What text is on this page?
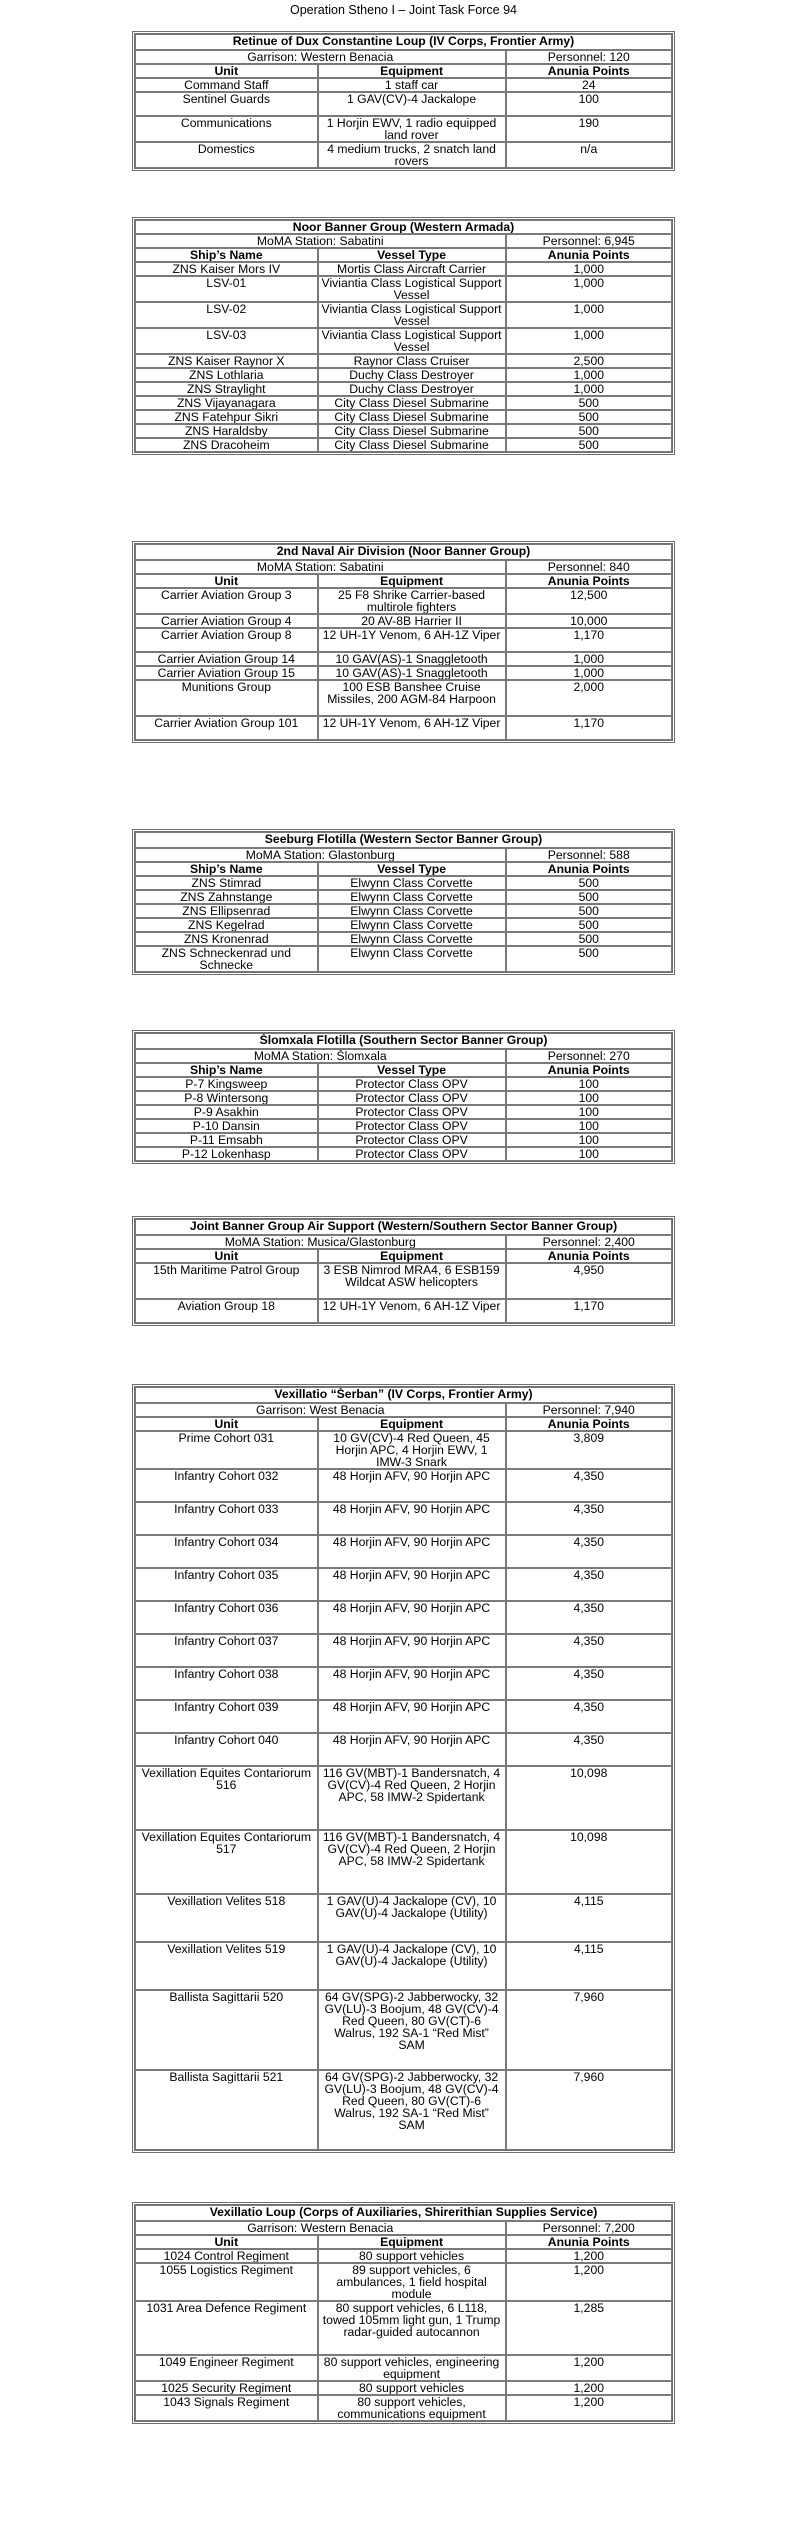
Operation Stheno I – Joint Task Force 94
Retinue of Dux Constantine Loup (IV Corps, Frontier Army)		
Garrison: Western Benacia		Personnel: 120
Unit	Equipment	Anunia Points
Command Staff	1 staff car	24
Sentinel Guards	1 GAV(CV)-4 Jackalope	100
Communications	1 Horjin EWV, 1 radio equipped land rover	190
Domestics	4 medium trucks, 2 snatch land rovers	n/a
Noor Banner Group (Western Armada)		
MoMA Station: Sabatini		Personnel: 6,945
Ship’s Name	Vessel Type	Anunia Points
ZNS Kaiser Mors IV	Mortis Class Aircraft Carrier	1,000
LSV-01	Viviantia Class Logistical Support Vessel	1,000
LSV-02	Viviantia Class Logistical Support Vessel	1,000
LSV-03	Viviantia Class Logistical Support Vessel	1,000
ZNS Kaiser Raynor X	Raynor Class Cruiser	2,500
ZNS Lothlaria	Duchy Class Destroyer	1,000
ZNS Straylight	Duchy Class Destroyer	1,000
ZNS Vijayanagara	City Class Diesel Submarine	500
ZNS Fatehpur Sikri	City Class Diesel Submarine	500
ZNS Haraldsby	City Class Diesel Submarine	500
ZNS Dracoheim	City Class Diesel Submarine	500
2nd Naval Air Division (Noor Banner Group)		
MoMA Station: Sabatini		Personnel: 840
Unit	Equipment	Anunia Points
Carrier Aviation Group 3	25 F8 Shrike Carrier-based multirole fighters	12,500
Carrier Aviation Group 4	20 AV-8B Harrier II	10,000
Carrier Aviation Group 8	12 UH-1Y Venom, 6 AH-1Z Viper	1,170
Carrier Aviation Group 14	10 GAV(AS)-1 Snaggletooth	1,000
Carrier Aviation Group 15	10 GAV(AS)-1 Snaggletooth	1,000
Munitions Group	100 ESB Banshee Cruise Missiles, 200 AGM-84 Harpoon	2,000
Carrier Aviation Group 101	12 UH-1Y Venom, 6 AH-1Z Viper	1,170
Seeburg Flotilla (Western Sector Banner Group)		
MoMA Station: Glastonburg		Personnel: 588
Ship’s Name	Vessel Type	Anunia Points
ZNS Stimrad	Elwynn Class Corvette	500
ZNS Zahnstange	Elwynn Class Corvette	500
ZNS Ellipsenrad	Elwynn Class Corvette	500
ZNS Kegelrad	Elwynn Class Corvette	500
ZNS Kronenrad	Elwynn Class Corvette	500
ZNS Schneckenrad und Schnecke	Elwynn Class Corvette	500
Šlomxala Flotilla (Southern Sector Banner Group)		
MoMA Station: Šlomxala		Personnel: 270
Ship’s Name	Vessel Type	Anunia Points
P-7 Kingsweep	Protector Class OPV	100
P-8 Wintersong	Protector Class OPV	100
P-9 Asakhin	Protector Class OPV	100
P-10 Dansin	Protector Class OPV	100
P-11 Emsabh	Protector Class OPV	100
P-12 Lokenhasp	Protector Class OPV	100
Joint Banner Group Air Support (Western/Southern Sector Banner Group)		
MoMA Station: Musica/Glastonburg		Personnel: 2,400
Unit	Equipment	Anunia Points
15th Maritime Patrol Group	3 ESB Nimrod MRA4, 6 ESB159 Wildcat ASW helicopters	4,950
Aviation Group 18	12 UH-1Y Venom, 6 AH-1Z Viper	1,170
Vexillatio “Šerban” (IV Corps, Frontier Army)		
Garrison: West Benacia		Personnel: 7,940
Unit	Equipment	Anunia Points
Prime Cohort 031	10 GV(CV)-4 Red Queen, 45 Horjin APC, 4 Horjin EWV, 1 IMW-3 Snark	3,809
Infantry Cohort 032	48 Horjin AFV, 90 Horjin APC	4,350
Infantry Cohort 033	48 Horjin AFV, 90 Horjin APC	4,350
Infantry Cohort 034	48 Horjin AFV, 90 Horjin APC	4,350
Infantry Cohort 035	48 Horjin AFV, 90 Horjin APC	4,350
Infantry Cohort 036	48 Horjin AFV, 90 Horjin APC	4,350
Infantry Cohort 037	48 Horjin AFV, 90 Horjin APC	4,350
Infantry Cohort 038	48 Horjin AFV, 90 Horjin APC	4,350
Infantry Cohort 039	48 Horjin AFV, 90 Horjin APC	4,350
Infantry Cohort 040	48 Horjin AFV, 90 Horjin APC	4,350
Vexillation Equites Contariorum 516	116 GV(MBT)-1 Bandersnatch, 4 GV(CV)-4 Red Queen, 2 Horjin APC, 58 IMW-2 Spidertank	10,098
Vexillation Equites Contariorum 517	116 GV(MBT)-1 Bandersnatch, 4 GV(CV)-4 Red Queen, 2 Horjin APC, 58 IMW-2 Spidertank	10,098
Vexillation Velites 518	1 GAV(U)-4 Jackalope (CV), 10 GAV(U)-4 Jackalope (Utility)	4,115
Vexillation Velites 519	1 GAV(U)-4 Jackalope (CV), 10 GAV(U)-4 Jackalope (Utility)	4,115
Ballista Sagittarii 520	64 GV(SPG)-2 Jabberwocky, 32 GV(LU)-3 Boojum, 48 GV(CV)-4 Red Queen, 80 GV(CT)-6 Walrus, 192 SA-1 “Red Mist” SAM	7,960
Ballista Sagittarii 521	64 GV(SPG)-2 Jabberwocky, 32 GV(LU)-3 Boojum, 48 GV(CV)-4 Red Queen, 80 GV(CT)-6 Walrus, 192 SA-1 “Red Mist” SAM	7,960
Vexillatio Loup (Corps of Auxiliaries, Shirerithian Supplies Service)		
Garrison: Western Benacia		Personnel: 7,200
Unit	Equipment	Anunia Points
1024 Control Regiment	80 support vehicles	1,200
1055 Logistics Regiment	89 support vehicles, 6 ambulances, 1 field hospital module	1,200
1031 Area Defence Regiment	80 support vehicles, 6 L118, towed 105mm light gun, 1 Trump radar-guided autocannon	1,285
1049 Engineer Regiment	80 support vehicles, engineering equipment	1,200
1025 Security Regiment	80 support vehicles	1,200
1043 Signals Regiment	80 support vehicles, communications equipment	1,200
